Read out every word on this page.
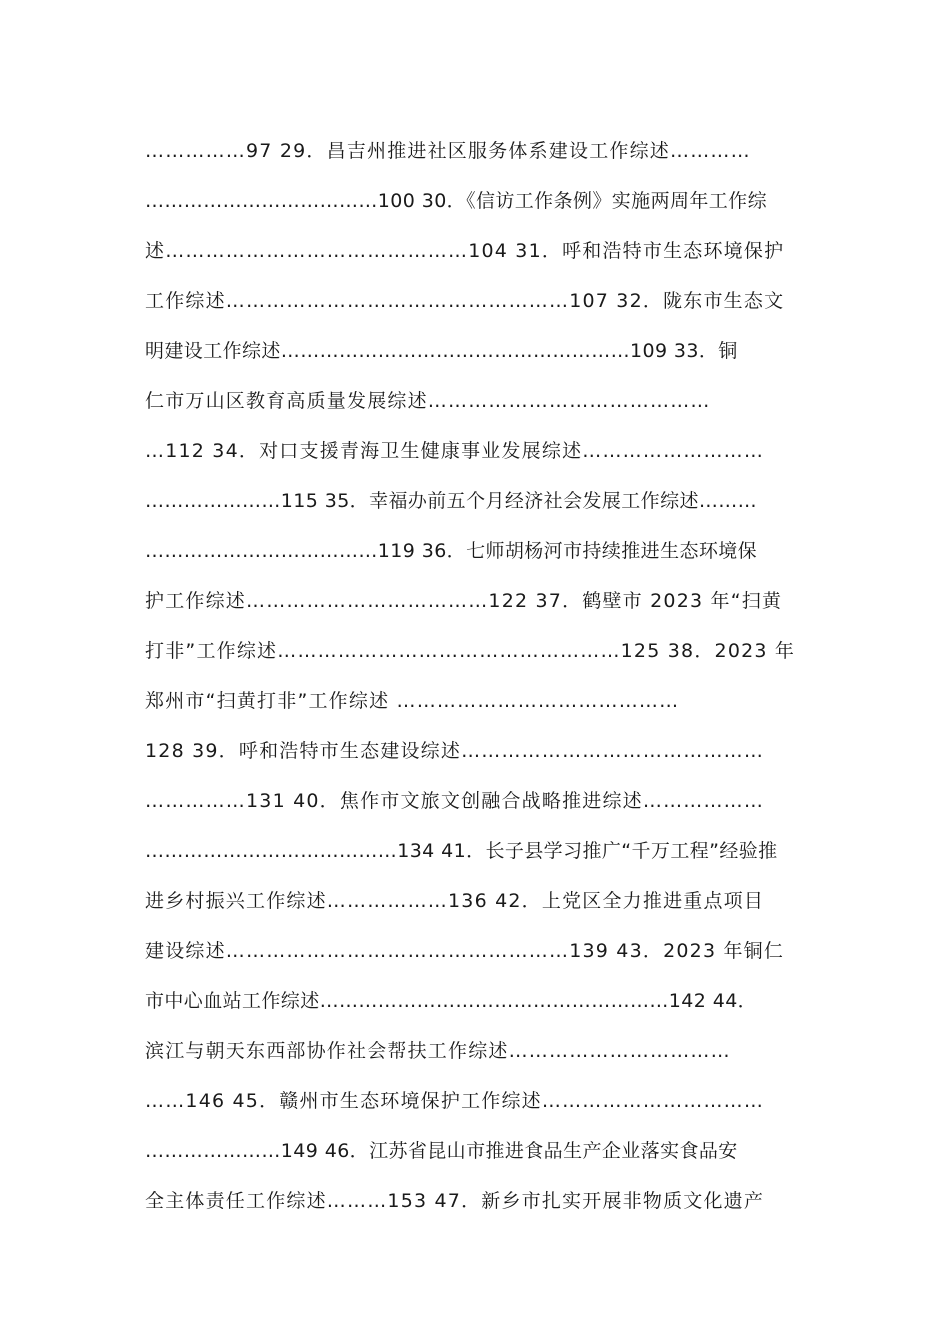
……………97 29．昌吉州推进社区服务体系建设工作综述…………
………………………………100 30．《信访工作条例》实施两周年工作综
述………………………………………104 31．呼和浩特市生态环境保护
工作综述……………………………………………107 32．陇东市生态文
明建设工作综述………………………………………………109 33．铜
仁市万山区教育高质量发展综述……………………………………
…112 34．对口支援青海卫生健康事业发展综述………………………
…………………115 35．幸福办前五个月经济社会发展工作综述………
………………………………119 36．七师胡杨河市持续推进生态环境保
护工作综述………………………………122 37．鹤壁市 2023 年“扫黄
打非”工作综述……………………………………………125 38．2023 年
郑州市“扫黄打非”工作综述 ……………………………………
128 39．呼和浩特市生态建设综述………………………………………
……………131 40．焦作市文旅文创融合战略推进综述………………
…………………………………134 41．长子县学习推广“千万工程”经验推
进乡村振兴工作综述………………136 42．上党区全力推进重点项目
建设综述……………………………………………139 43．2023 年铜仁
市中心血站工作综述………………………………………………142 44．
滨江与朝天东西部协作社会帮扶工作综述……………………………
……146 45．赣州市生态环境保护工作综述……………………………
…………………149 46．江苏省昆山市推进食品生产企业落实食品安
全主体责任工作综述………153 47．新乡市扎实开展非物质文化遗产
